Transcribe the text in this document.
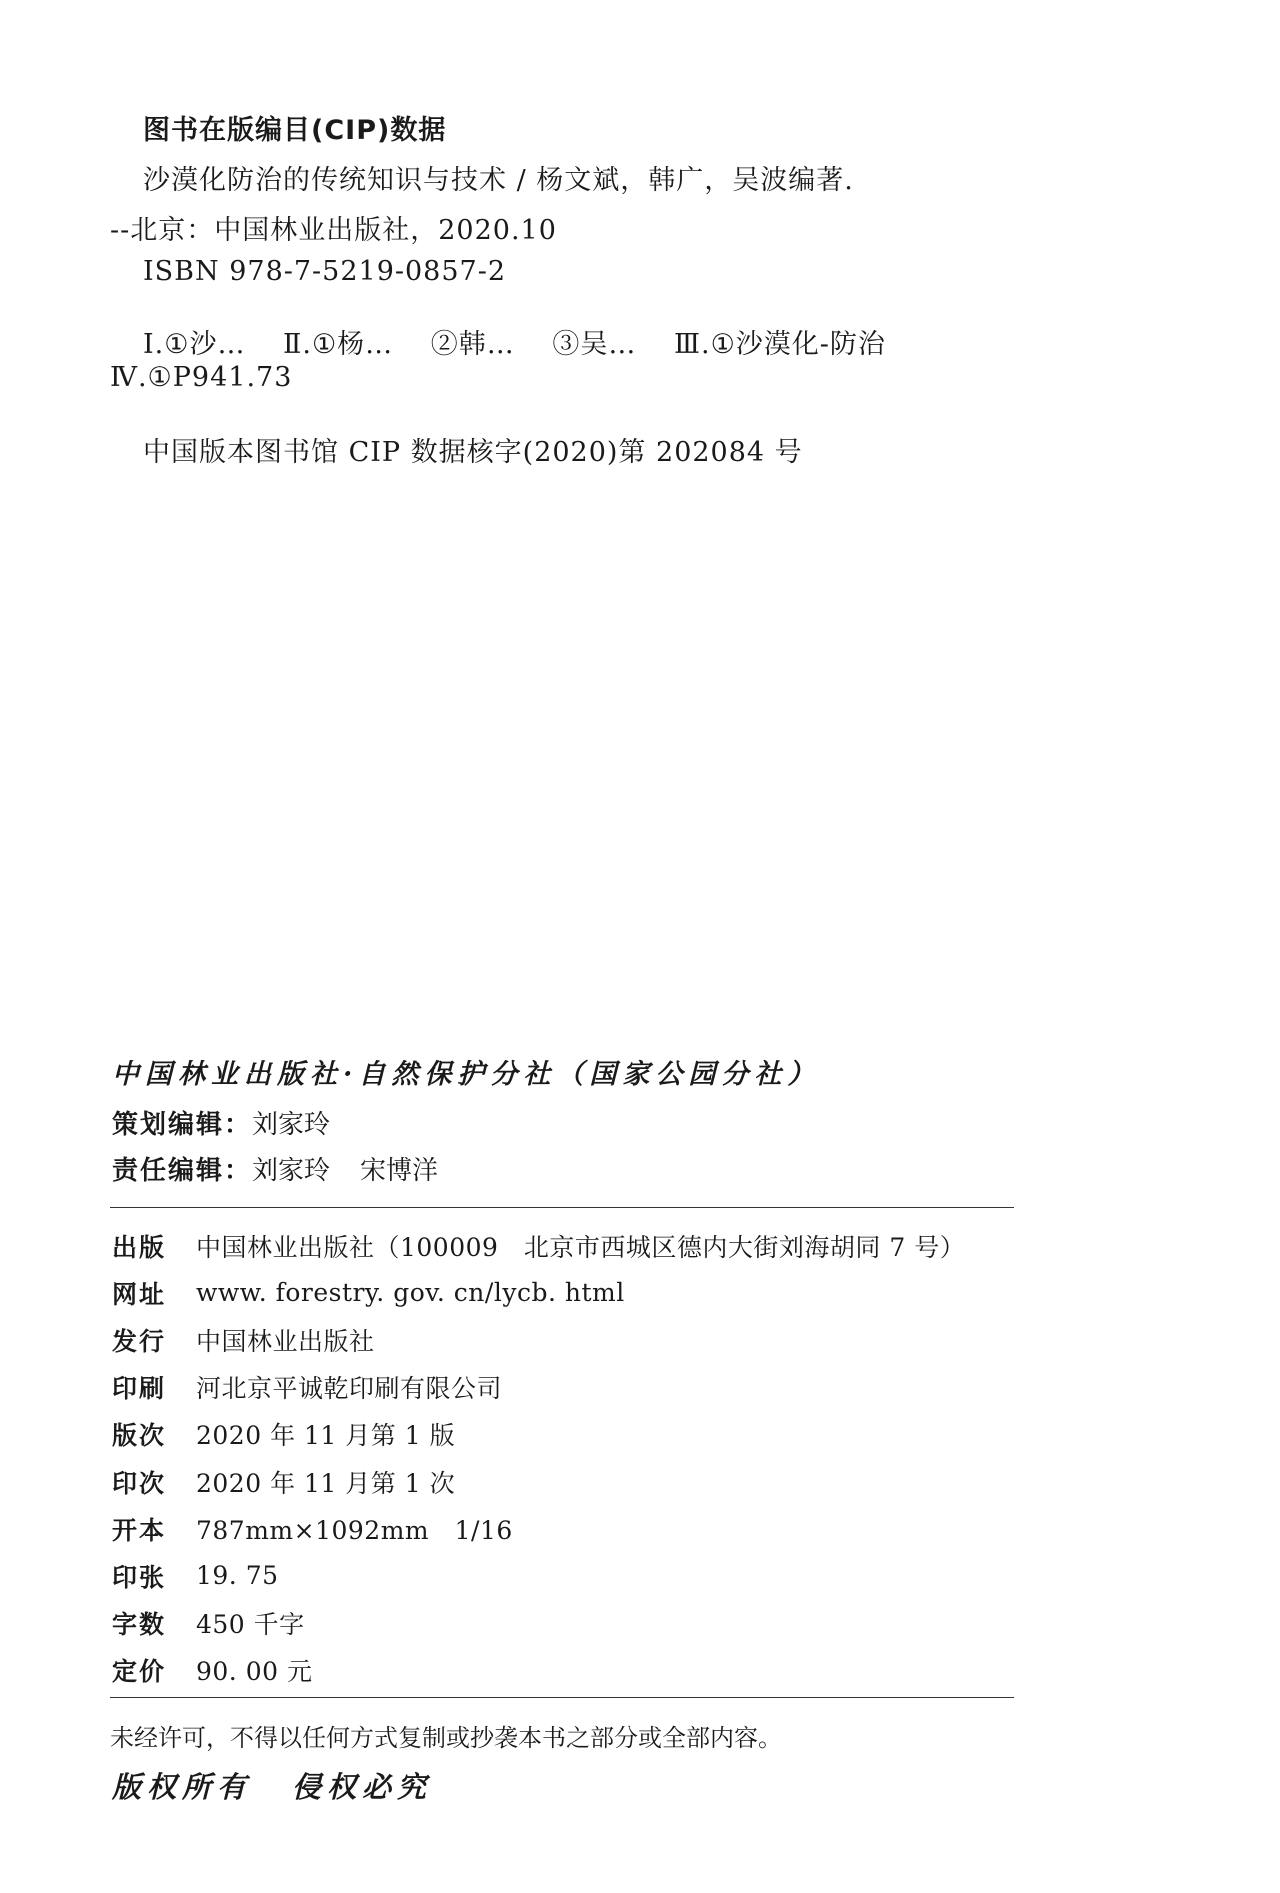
图书在版编目(CIP)数据
沙漠化防治的传统知识与技术 / 杨文斌，韩广，吴波编著.
--北京：中国林业出版社，2020.10
ISBN 978-7-5219-0857-2
Ⅰ.①沙… Ⅱ.①杨… ②韩… ③吴… Ⅲ.①沙漠化-防治
Ⅳ.①P941.73
中国版本图书馆 CIP 数据核字(2020)第 202084 号
中国林业出版社·自然保护分社（国家公园分社）
策划编辑：刘家玲
责任编辑：刘家玲 宋博洋
出版	中国林业出版社（100009　北京市西城区德内大街刘海胡同 7 号）
网址	www. forestry. gov. cn/lycb. html
发行	中国林业出版社
印刷	河北京平诚乾印刷有限公司
版次	2020 年 11 月第 1 版
印次	2020 年 11 月第 1 次
开本	787mm×1092mm　1/16
印张	19. 75
字数	450 千字
定价	90. 00 元
未经许可，不得以任何方式复制或抄袭本书之部分或全部内容。
版权所有 侵权必究
